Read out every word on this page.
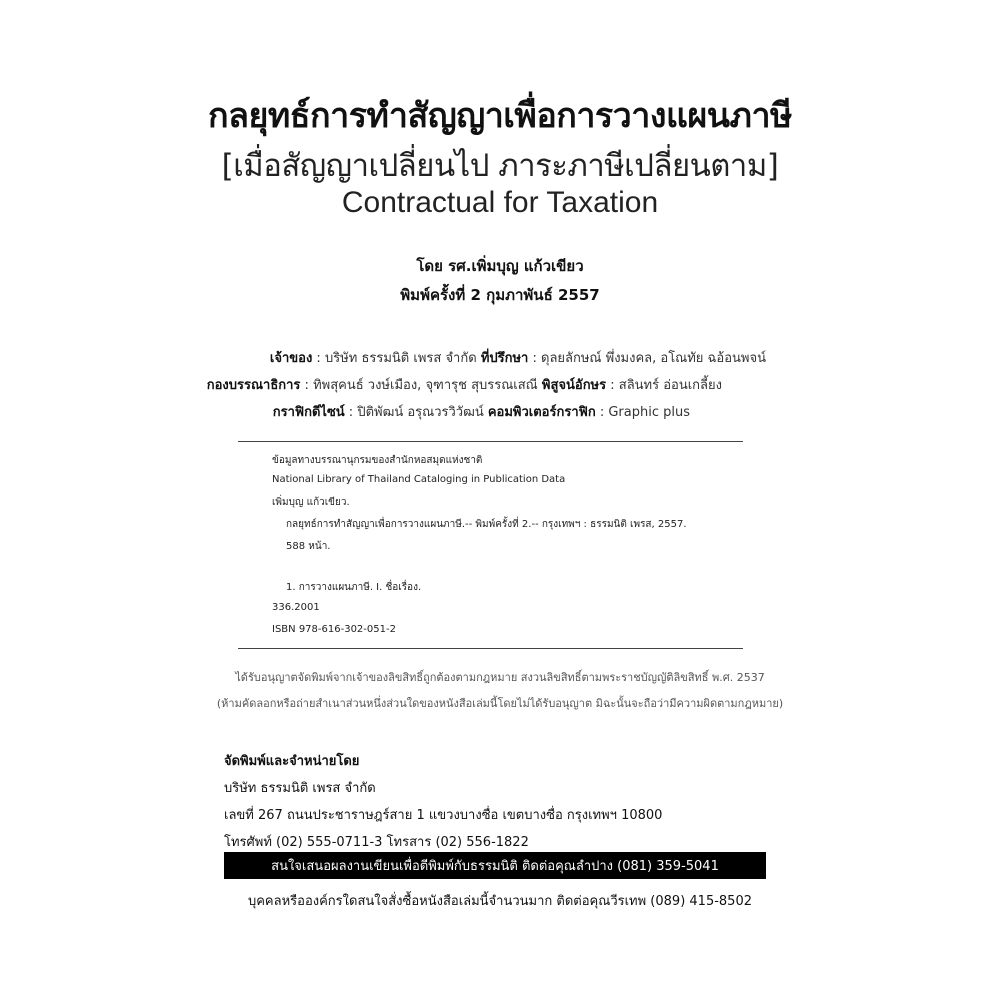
กลยุทธ์การทำสัญญาเพื่อการวางแผนภาษี
[เมื่อสัญญาเปลี่ยนไป ภาระภาษีเปลี่ยนตาม]
Contractual for Taxation
โดย รศ.เพิ่มบุญ แก้วเขียว
พิมพ์ครั้งที่ 2 กุมภาพันธ์ 2557
เจ้าของ : บริษัท ธรรมนิติ เพรส จำกัด ที่ปรึกษา : ดุลยลักษณ์ พึ่งมงคล, อโณทัย ฉอ้อนพจน์
กองบรรณาธิการ : ทิพสุคนธ์ วงษ์เมือง, จุฑารุช สุบรรณเสณี พิสูจน์อักษร : สลินทร์ อ่อนเกลี้ยง
กราฟิกดีไซน์ : ปิติพัฒน์ อรุณวรวิวัฒน์ คอมพิวเตอร์กราฟิก : Graphic plus
ข้อมูลทางบรรณานุกรมของสำนักหอสมุดแห่งชาติ
National Library of Thailand Cataloging in Publication Data
เพิ่มบุญ แก้วเขียว.
กลยุทธ์การทำสัญญาเพื่อการวางแผนภาษี.-- พิมพ์ครั้งที่ 2.-- กรุงเทพฯ : ธรรมนิติ เพรส, 2557.
588 หน้า.
1. การวางแผนภาษี. I. ชื่อเรื่อง.
336.2001
ISBN 978-616-302-051-2
ได้รับอนุญาตจัดพิมพ์จากเจ้าของลิขสิทธิ์ถูกต้องตามกฎหมาย สงวนลิขสิทธิ์ตามพระราชบัญญัติลิขสิทธิ์ พ.ศ. 2537
(ห้ามคัดลอกหรือถ่ายสำเนาส่วนหนึ่งส่วนใดของหนังสือเล่มนี้โดยไม่ได้รับอนุญาต มิฉะนั้นจะถือว่ามีความผิดตามกฎหมาย)
จัดพิมพ์และจำหน่ายโดย
บริษัท ธรรมนิติ เพรส จำกัด
เลขที่ 267 ถนนประชาราษฎร์สาย 1 แขวงบางซื่อ เขตบางซื่อ กรุงเทพฯ 10800
โทรศัพท์ (02) 555-0711-3 โทรสาร (02) 556-1822
สนใจเสนอผลงานเขียนเพื่อตีพิมพ์กับธรรมนิติ ติดต่อคุณลำปาง (081) 359-5041
บุคคลหรือองค์กรใดสนใจสั่งซื้อหนังสือเล่มนี้จำนวนมาก ติดต่อคุณวีรเทพ (089) 415-8502
